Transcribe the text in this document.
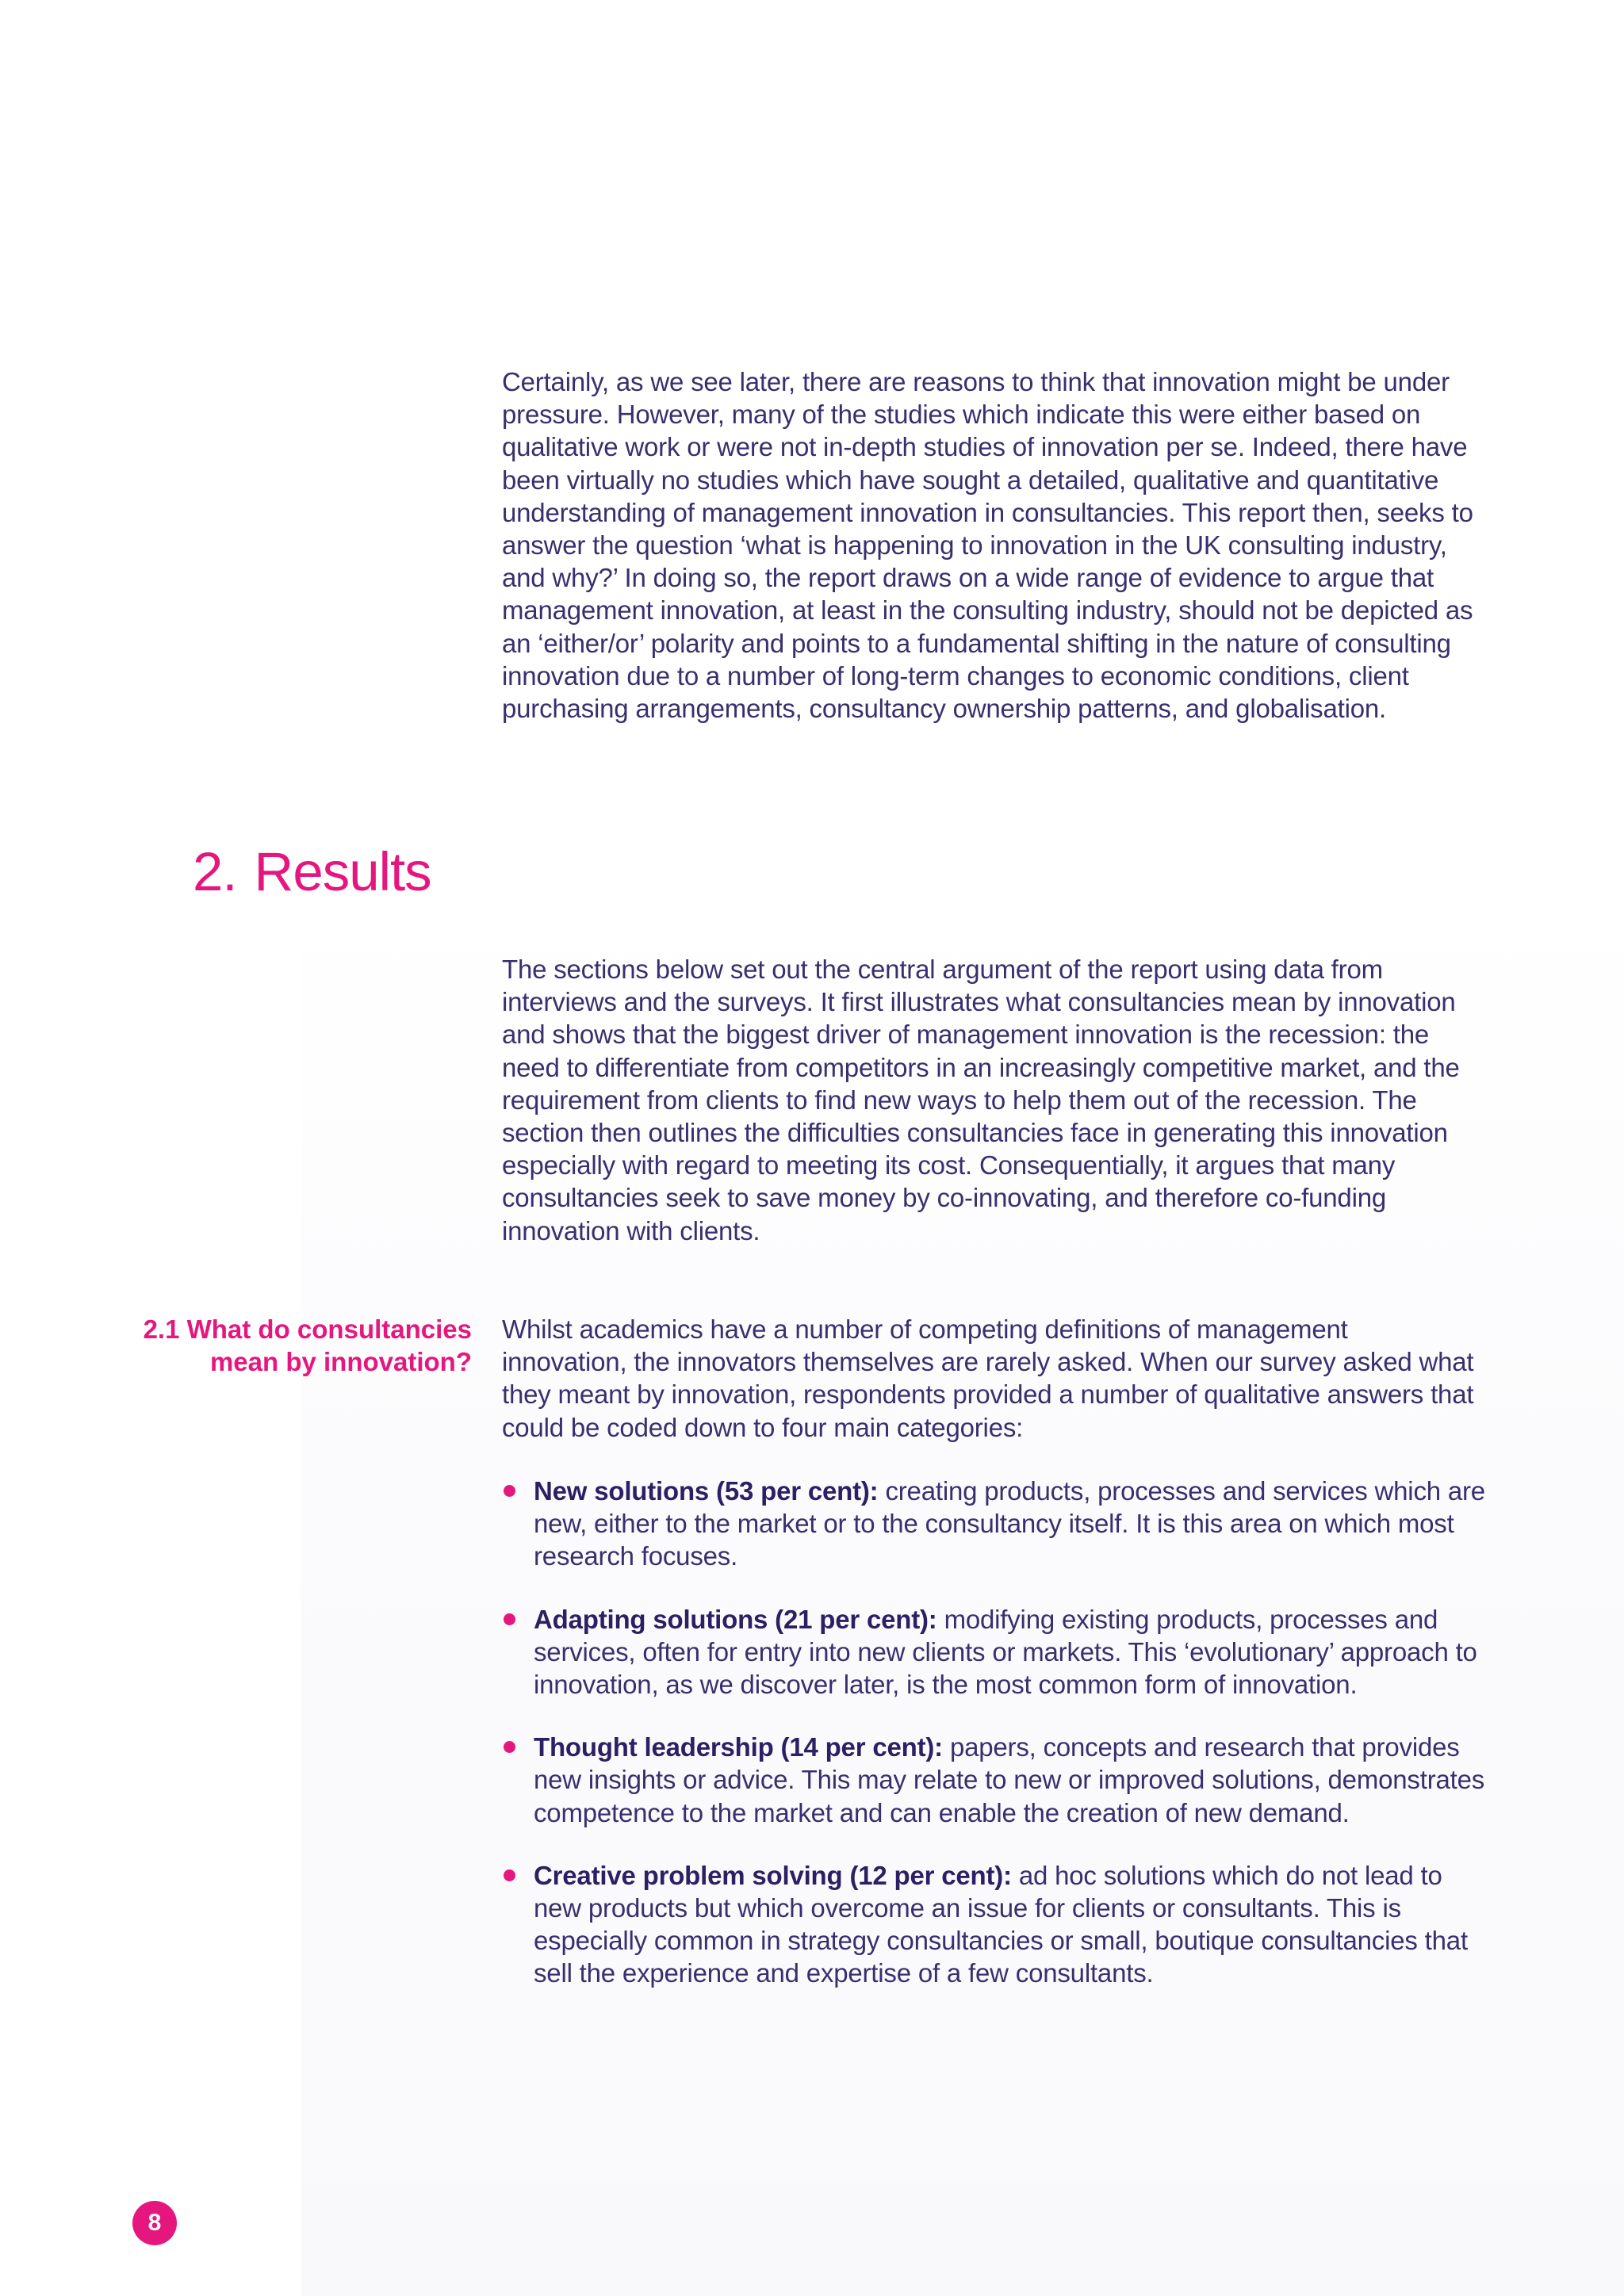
Certainly, as we see later, there are reasons to think that innovation might be under pressure. However, many of the studies which indicate this were either based on qualitative work or were not in-depth studies of innovation per se. Indeed, there have been virtually no studies which have sought a detailed, qualitative and quantitative understanding of management innovation in consultancies. This report then, seeks to answer the question ‘what is happening to innovation in the UK consulting industry, and why?’ In doing so, the report draws on a wide range of evidence to argue that management innovation, at least in the consulting industry, should not be depicted as an ‘either/or’ polarity and points to a fundamental shifting in the nature of consulting innovation due to a number of long-term changes to economic conditions, client purchasing arrangements, consultancy ownership patterns, and globalisation.

2. Results

The sections below set out the central argument of the report using data from interviews and the surveys. It first illustrates what consultancies mean by innovation and shows that the biggest driver of management innovation is the recession: the need to differentiate from competitors in an increasingly competitive market, and the requirement from clients to find new ways to help them out of the recession. The section then outlines the difficulties consultancies face in generating this innovation especially with regard to meeting its cost. Consequentially, it argues that many consultancies seek to save money by co-innovating, and therefore co-funding innovation with clients.

2.1 What do consultancies mean by innovation?

Whilst academics have a number of competing definitions of management innovation, the innovators themselves are rarely asked. When our survey asked what they meant by innovation, respondents provided a number of qualitative answers that could be coded down to four main categories:

New solutions (53 per cent): creating products, processes and services which are new, either to the market or to the consultancy itself. It is this area on which most research focuses.
Adapting solutions (21 per cent): modifying existing products, processes and services, often for entry into new clients or markets. This ‘evolutionary’ approach to innovation, as we discover later, is the most common form of innovation.
Thought leadership (14 per cent): papers, concepts and research that provides new insights or advice. This may relate to new or improved solutions, demonstrates competence to the market and can enable the creation of new demand.
Creative problem solving (12 per cent): ad hoc solutions which do not lead to new products but which overcome an issue for clients or consultants. This is especially common in strategy consultancies or small, boutique consultancies that sell the experience and expertise of a few consultants.
8
